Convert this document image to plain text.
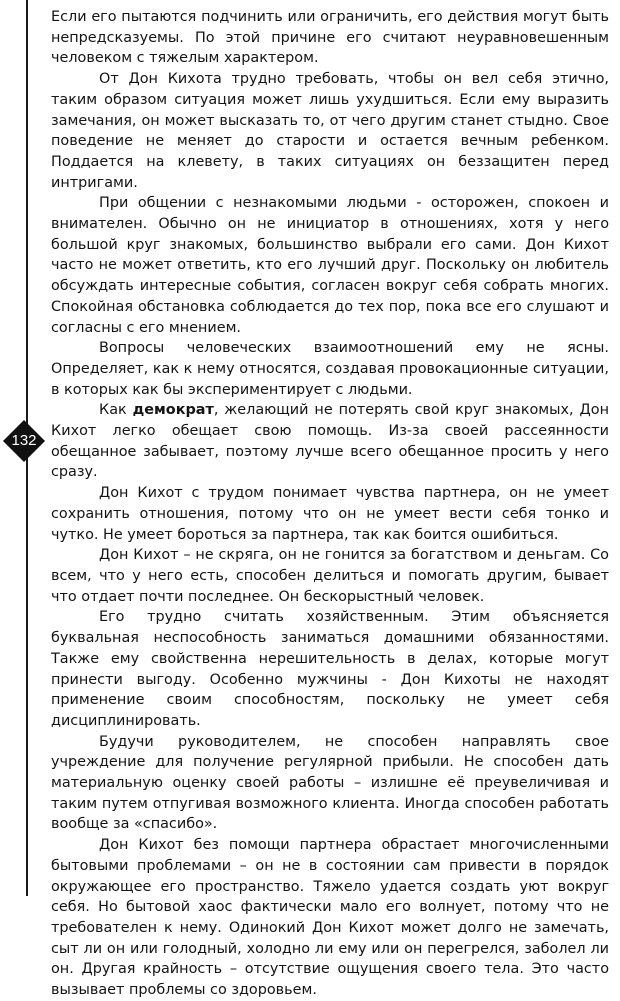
132

Если его пытаются подчинить или ограничить, его действия могут быть непредсказуемы. По этой причине его считают неуравновешенным человеком с тяжелым характером.

От Дон Кихота трудно требовать, чтобы он вел себя этично, таким образом ситуация может лишь ухудшиться. Если ему выразить замечания, он может высказать то, от чего другим станет стыдно. Свое поведение не меняет до старости и остается вечным ребенком. Поддается на клевету, в таких ситуациях он беззащитен перед интригами.

При общении с незнакомыми людьми - осторожен, спокоен и внимателен. Обычно он не инициатор в отношениях, хотя у него большой круг знакомых, большинство выбрали его сами. Дон Кихот часто не может ответить, кто его лучший друг. Поскольку он любитель обсуждать интересные события, согласен вокруг себя собрать многих. Спокойная обстановка соблюдается до тех пор, пока все его слушают и согласны с его мнением.

Вопросы человеческих взаимоотношений ему не ясны. Определяет, как к нему относятся, создавая провокационные ситуации, в которых как бы экспериментирует с людьми.

Как демократ, желающий не потерять свой круг знакомых, Дон Кихот легко обещает свою помощь. Из-за своей рассеянности обещанное забывает, поэтому лучше всего обещанное просить у него сразу.

Дон Кихот с трудом понимает чувства партнера, он не умеет сохранить отношения, потому что он не умеет вести себя тонко и чутко. Не умеет бороться за партнера, так как боится ошибиться.

Дон Кихот – не скряга, он не гонится за богатством и деньгам. Со всем, что у него есть, способен делиться и помогать другим, бывает что отдает почти последнее. Он бескорыстный человек.

Его трудно считать хозяйственным. Этим объясняется буквальная неспособность заниматься домашними обязанностями. Также ему свойственна нерешительность в делах, которые могут принести выгоду. Особенно мужчины - Дон Кихоты не находят применение своим способностям, поскольку не умеет себя дисциплинировать.

Будучи руководителем, не способен направлять свое учреждение для получение регулярной прибыли. Не способен дать материальную оценку своей работы – излишне её преувеличивая и таким путем отпугивая возможного клиента. Иногда способен работать вообще за «спасибо».

Дон Кихот без помощи партнера обрастает многочисленными бытовыми проблемами – он не в состоянии сам привести в порядок окружающее его пространство. Тяжело удается создать уют вокруг себя. Но бытовой хаос фактически мало его волнует, потому что не требователен к нему. Одинокий Дон Кихот может долго не замечать, сыт ли он или голодный, холодно ли ему или он перегрелся, заболел ли он. Другая крайность – отсутствие ощущения своего тела. Это часто вызывает проблемы со здоровьем.
